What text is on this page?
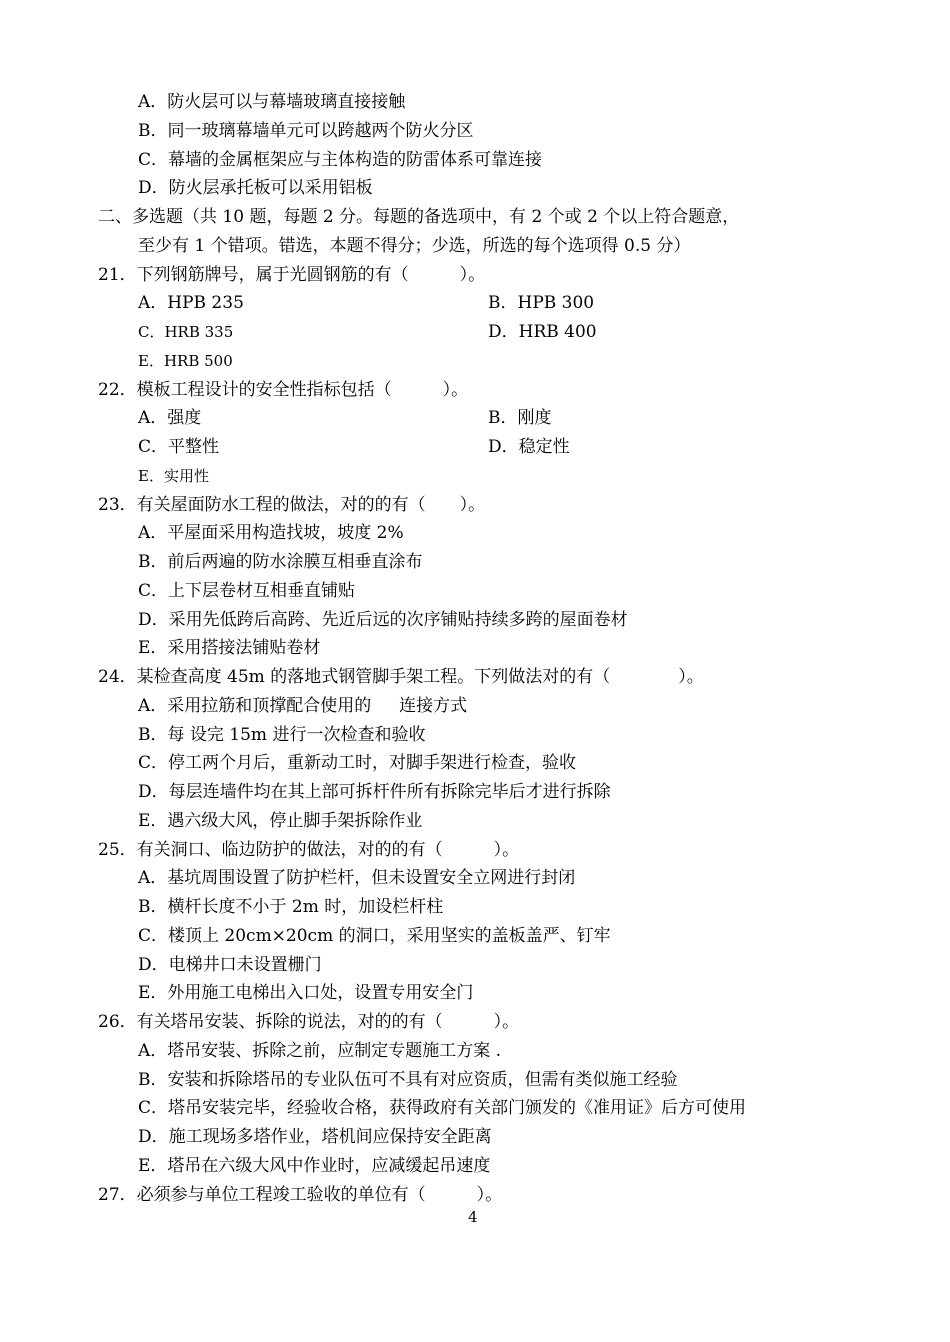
A．防火层可以与幕墙玻璃直接接触
B．同一玻璃幕墙单元可以跨越两个防火分区
C．幕墙的金属框架应与主体构造的防雷体系可靠连接
D．防火层承托板可以采用铝板
二、多选题（共 10 题，每题 2 分。每题的备选项中，有 2 个或 2 个以上符合题意，
至少有 1 个错项。错选，本题不得分；少选，所选的每个选项得 0.5 分）
21．下列钢筋牌号，属于光圆钢筋的有（　　　）。
A．HPB 235	B．HPB 300
C．HRB 335	D．HRB 400
E．HRB 500
22．模板工程设计的安全性指标包括（　　　）。
A．强度	B．刚度
C．平整性	D．稳定性
E．实用性
23．有关屋面防水工程的做法，对的的有（　　）。
A．平屋面采用构造找坡，坡度 2%
B．前后两遍的防水涂膜互相垂直涂布
C．上下层卷材互相垂直铺贴
D．采用先低跨后高跨、先近后远的次序铺贴持续多跨的屋面卷材
E．采用搭接法铺贴卷材
24．某检查高度 45m 的落地式钢管脚手架工程。下列做法对的有（　　　　）。
A．采用拉筋和顶撑配合使用的　  连接方式
B．每 设完 15m 进行一次检查和验收
C．停工两个月后，重新动工时，对脚手架进行检查，验收
D．每层连墙件均在其上部可拆杆件所有拆除完毕后才进行拆除
E．遇六级大风，停止脚手架拆除作业
25．有关洞口、临边防护的做法，对的的有（　　　）。
A．基坑周围设置了防护栏杆，但未设置安全立网进行封闭
B．横杆长度不小于 2m 时，加设栏杆柱
C．楼顶上 20cm×20cm 的洞口，采用坚实的盖板盖严、钉牢
D．电梯井口未设置栅门
E．外用施工电梯出入口处，设置专用安全门
26．有关塔吊安装、拆除的说法，对的的有（　　　）。
A．塔吊安装、拆除之前，应制定专题施工方案 .
B．安装和拆除塔吊的专业队伍可不具有对应资质，但需有类似施工经验
C．塔吊安装完毕，经验收合格，获得政府有关部门颁发的《准用证》后方可使用
D．施工现场多塔作业，塔机间应保持安全距离
E．塔吊在六级大风中作业时，应减缓起吊速度
27．必须参与单位工程竣工验收的单位有（　　　）。
4
